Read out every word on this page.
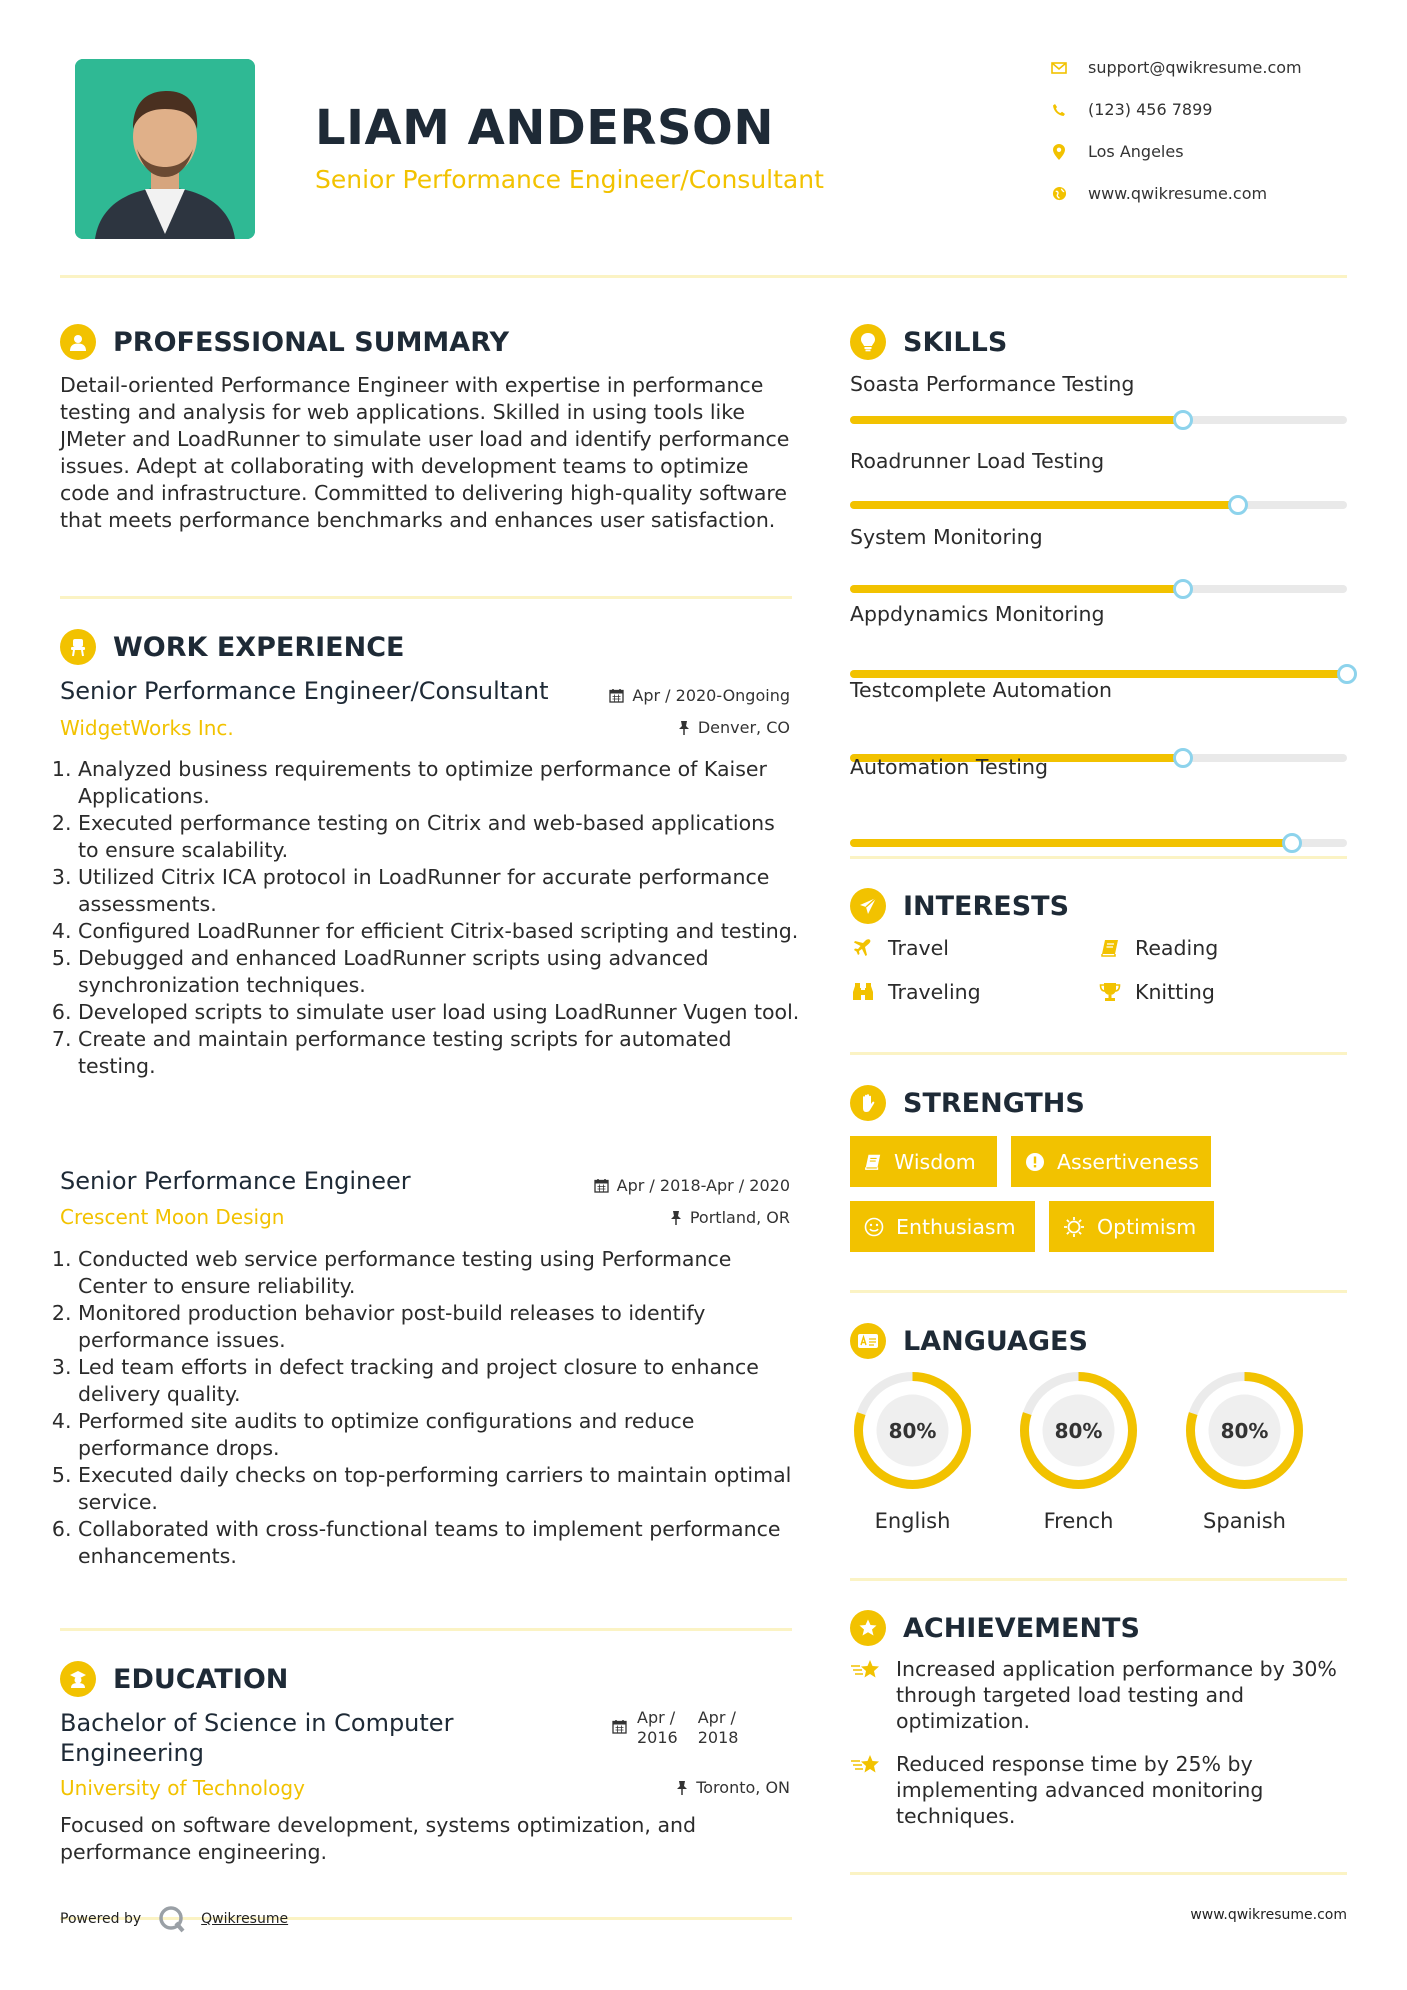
LIAM ANDERSON
Senior Performance Engineer/Consultant
support@qwikresume.com
(123) 456 7899
Los Angeles
www.qwikresume.com
PROFESSIONAL SUMMARY
Detail-oriented Performance Engineer with expertise in performance testing and analysis for web applications. Skilled in using tools like JMeter and LoadRunner to simulate user load and identify performance issues. Adept at collaborating with development teams to optimize code and infrastructure. Committed to delivering high-quality software that meets performance benchmarks and enhances user satisfaction.
WORK EXPERIENCE
Senior Performance Engineer/Consultant	Apr / 2020-Ongoing
WidgetWorks Inc.	Denver, CO
1. Analyzed business requirements to optimize performance of Kaiser Applications.
2. Executed performance testing on Citrix and web-based applications to ensure scalability.
3. Utilized Citrix ICA protocol in LoadRunner for accurate performance assessments.
4. Configured LoadRunner for efficient Citrix-based scripting and testing.
5. Debugged and enhanced LoadRunner scripts using advanced synchronization techniques.
6. Developed scripts to simulate user load using LoadRunner Vugen tool.
7. Create and maintain performance testing scripts for automated testing.
Senior Performance Engineer	Apr / 2018-Apr / 2020
Crescent Moon Design	Portland, OR
1. Conducted web service performance testing using Performance Center to ensure reliability.
2. Monitored production behavior post-build releases to identify performance issues.
3. Led team efforts in defect tracking and project closure to enhance delivery quality.
4. Performed site audits to optimize configurations and reduce performance drops.
5. Executed daily checks on top-performing carriers to maintain optimal service.
6. Collaborated with cross-functional teams to implement performance enhancements.
EDUCATION
Bachelor of Science in Computer
Engineering
Apr /
2016
Apr /
2018
University of Technology	Toronto, ON
Focused on software development, systems optimization, and performance engineering.
SKILLS
Soasta Performance Testing
Roadrunner Load Testing
System Monitoring
Appdynamics Monitoring
Testcomplete Automation
Automation Testing
INTERESTS
Travel	Reading
Traveling	Knitting
STRENGTHS
Wisdom	Assertiveness
Enthusiasm	Optimism
LANGUAGES
80%
English
80%
French
80%
Spanish
ACHIEVEMENTS
Increased application performance by 30% through targeted load testing and optimization.
Reduced response time by 25% by implementing advanced monitoring techniques.
Powered by	Qwikresume	www.qwikresume.com
